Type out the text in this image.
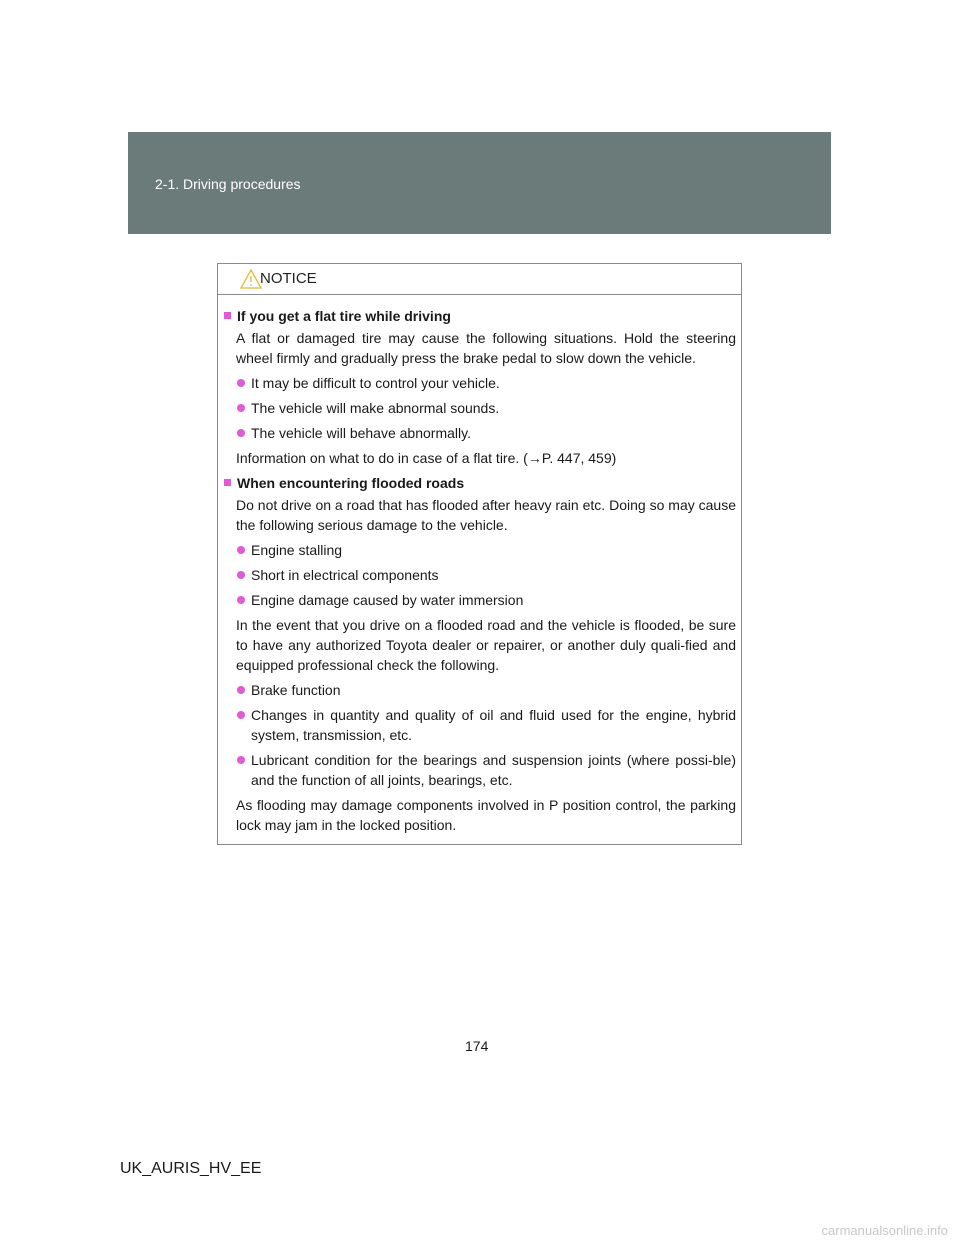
2-1. Driving procedures
NOTICE
If you get a flat tire while driving
A flat or damaged tire may cause the following situations. Hold the steering wheel firmly and gradually press the brake pedal to slow down the vehicle.
It may be difficult to control your vehicle.
The vehicle will make abnormal sounds.
The vehicle will behave abnormally.
Information on what to do in case of a flat tire. (→P. 447, 459)
When encountering flooded roads
Do not drive on a road that has flooded after heavy rain etc. Doing so may cause the following serious damage to the vehicle.
Engine stalling
Short in electrical components
Engine damage caused by water immersion
In the event that you drive on a flooded road and the vehicle is flooded, be sure to have any authorized Toyota dealer or repairer, or another duly quali-fied and equipped professional check the following.
Brake function
Changes in quantity and quality of oil and fluid used for the engine, hybrid system, transmission, etc.
Lubricant condition for the bearings and suspension joints (where possi-ble) and the function of all joints, bearings, etc.
As flooding may damage components involved in P position control, the parking lock may jam in the locked position.
174
UK_AURIS_HV_EE
carmanualsonline.info
